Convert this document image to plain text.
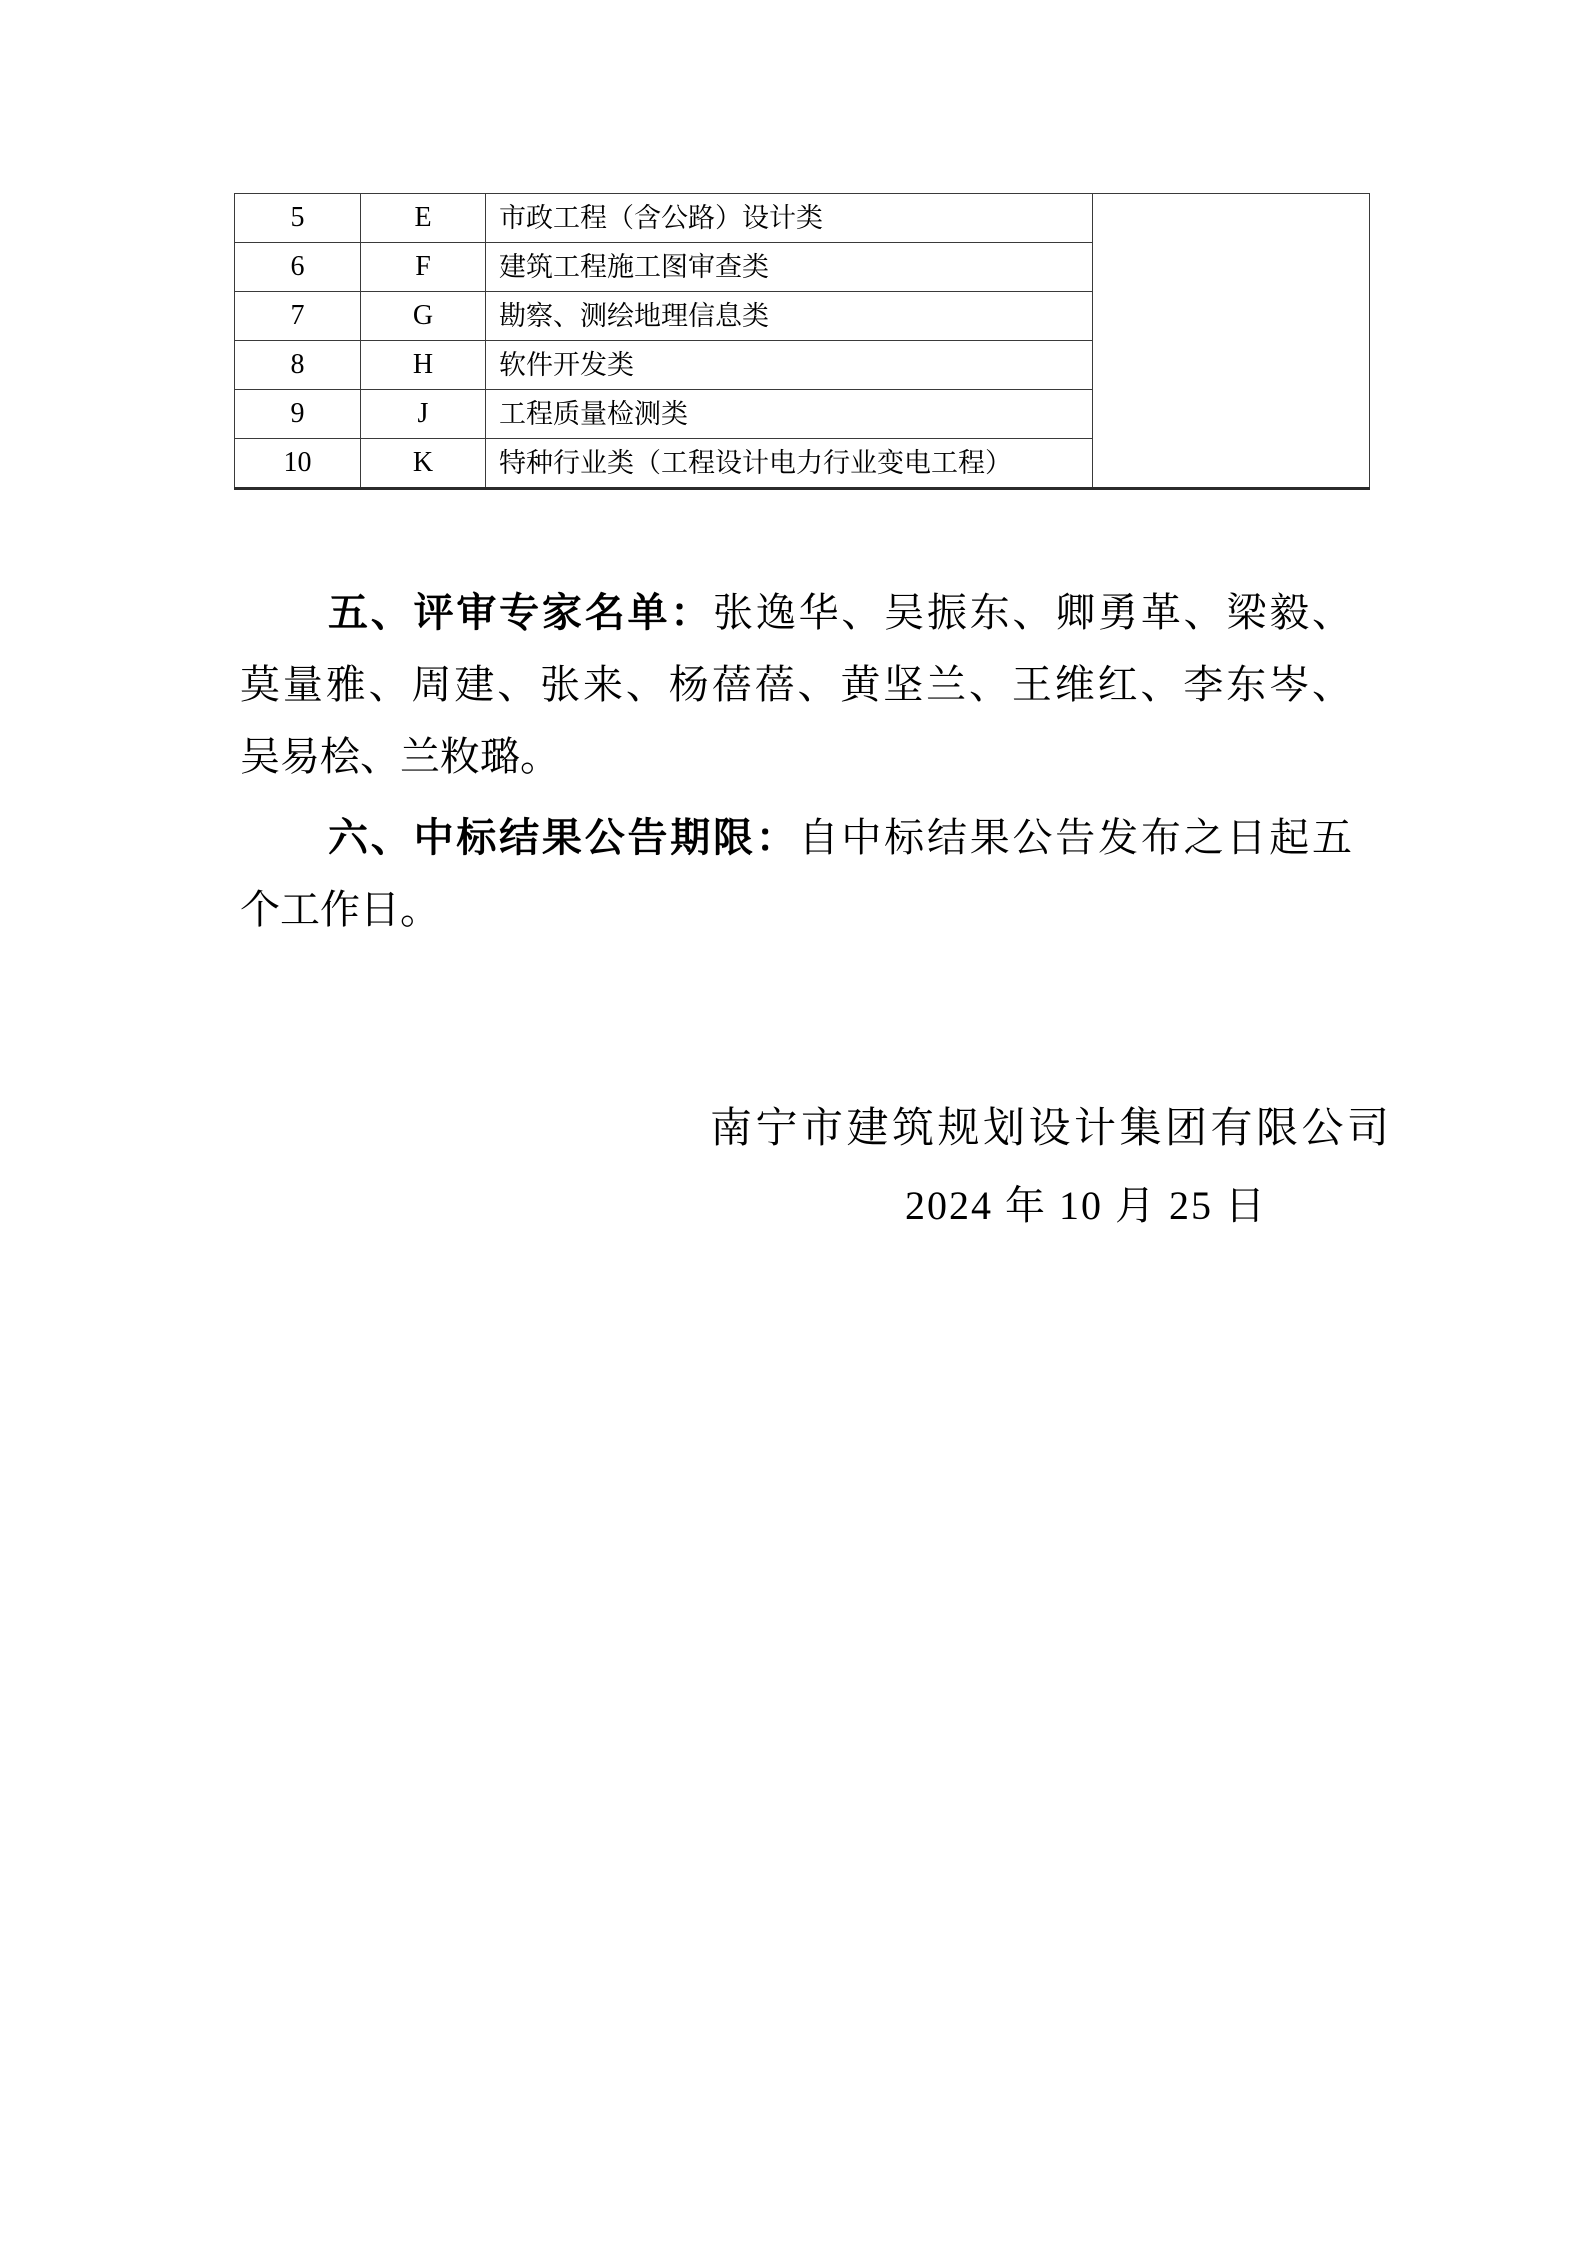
5	E	市政工程（含公路）设计类	
6	F	建筑工程施工图审查类	
7	G	勘察、测绘地理信息类	
8	H	软件开发类	
9	J	工程质量检测类	
10	K	特种行业类（工程设计电力行业变电工程）	
五、评审专家名单：张逸华、吴振东、卿勇革、梁毅、
莫量雅、周建、张来、杨蓓蓓、黄坚兰、王维红、李东岑、
吴易桧、兰敉璐。
六、中标结果公告期限：自中标结果公告发布之日起五
个工作日。
南宁市建筑规划设计集团有限公司
2024 年 10 月 25 日
